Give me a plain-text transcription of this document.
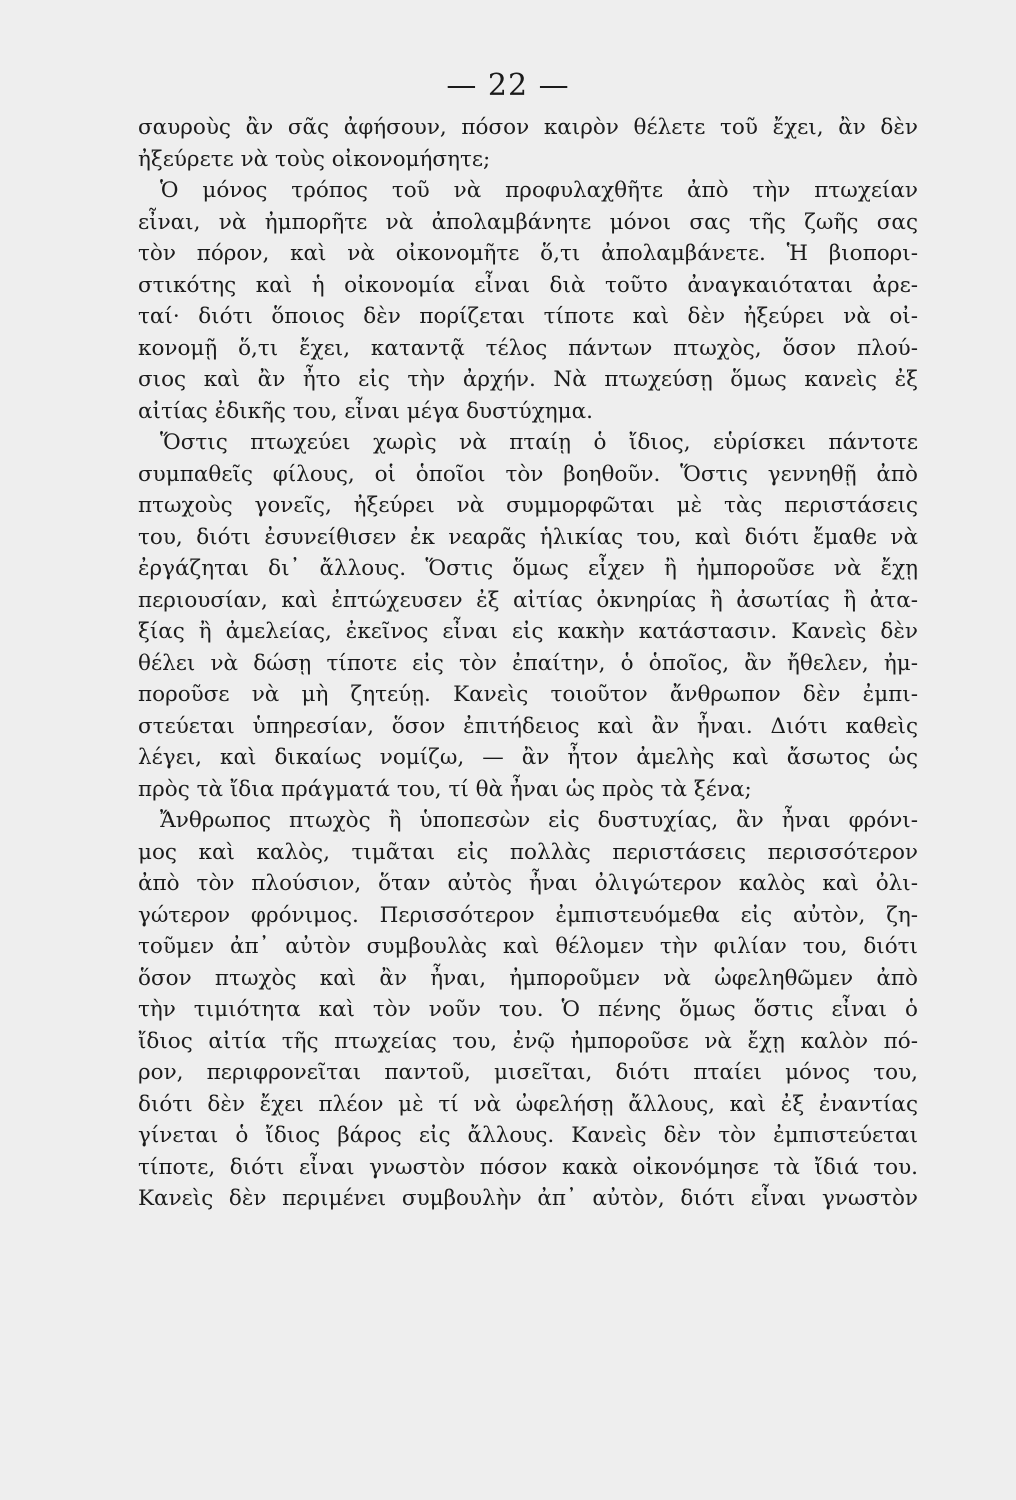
— 22 —
σαυροὺς ἂν σᾶς ἀφήσουν, πόσον καιρὸν θέλετε τοῦ ἔχει, ἂν δὲν
ἠξεύρετε νὰ τοὺς οἰκονομήσητε;
Ὁ μόνος τρόπος τοῦ νὰ προφυλαχθῆτε ἀπὸ τὴν πτωχείαν
εἶναι, νὰ ἠμπορῆτε νὰ ἀπολαμβάνητε μόνοι σας τῆς ζωῆς σας
τὸν πόρον, καὶ νὰ οἰκονομῆτε ὅ,τι ἀπολαμβάνετε. Ἡ βιοπορι-
στικότης καὶ ἡ οἰκονομία εἶναι διὰ τοῦτο ἀναγκαιόταται ἀρε-
ταί· διότι ὅποιος δὲν πορίζεται τίποτε καὶ δὲν ἠξεύρει νὰ οἰ-
κονομῇ ὅ,τι ἔχει, καταντᾷ τέλος πάντων πτωχὸς, ὅσον πλού-
σιος καὶ ἂν ἦτο εἰς τὴν ἀρχήν. Νὰ πτωχεύσῃ ὅμως κανεὶς ἐξ
αἰτίας ἐδικῆς του, εἶναι μέγα δυστύχημα.
Ὅστις πτωχεύει χωρὶς νὰ πταίῃ ὁ ἴδιος, εὑρίσκει πάντοτε
συμπαθεῖς φίλους, οἱ ὁποῖοι τὸν βοηθοῦν. Ὅστις γεννηθῇ ἀπὸ
πτωχοὺς γονεῖς, ἠξεύρει νὰ συμμορφῶται μὲ τὰς περιστάσεις
του, διότι ἐσυνείθισεν ἐκ νεαρᾶς ἡλικίας του, καὶ διότι ἔμαθε νὰ
ἐργάζηται δι᾽ ἄλλους. Ὅστις ὅμως εἶχεν ἢ ἠμποροῦσε νὰ ἔχῃ
περιουσίαν, καὶ ἐπτώχευσεν ἐξ αἰτίας ὀκνηρίας ἢ ἀσωτίας ἢ ἀτα-
ξίας ἢ ἀμελείας, ἐκεῖνος εἶναι εἰς κακὴν κατάστασιν. Κανεὶς δὲν
θέλει νὰ δώσῃ τίποτε εἰς τὸν ἐπαίτην, ὁ ὁποῖος, ἂν ἤθελεν, ἠμ-
ποροῦσε νὰ μὴ ζητεύῃ. Κανεὶς τοιοῦτον ἄνθρωπον δὲν ἐμπι-
στεύεται ὑπηρεσίαν, ὅσον ἐπιτήδειος καὶ ἂν ἦναι. Διότι καθεὶς
λέγει, καὶ δικαίως νομίζω, — ἂν ἦτον ἀμελὴς καὶ ἄσωτος ὡς
πρὸς τὰ ἴδια πράγματά του, τί θὰ ἦναι ὡς πρὸς τὰ ξένα;
Ἄνθρωπος πτωχὸς ἢ ὑποπεσὼν εἰς δυστυχίας, ἂν ἦναι φρόνι-
μος καὶ καλὸς, τιμᾶται εἰς πολλὰς περιστάσεις περισσότερον
ἀπὸ τὸν πλούσιον, ὅταν αὐτὸς ἦναι ὀλιγώτερον καλὸς καὶ ὀλι-
γώτερον φρόνιμος. Περισσότερον ἐμπιστευόμεθα εἰς αὐτὸν, ζη-
τοῦμεν ἀπ᾽ αὐτὸν συμβουλὰς καὶ θέλομεν τὴν φιλίαν του, διότι
ὅσον πτωχὸς καὶ ἂν ἦναι, ἠμποροῦμεν νὰ ὠφεληθῶμεν ἀπὸ
τὴν τιμιότητα καὶ τὸν νοῦν του. Ὁ πένης ὅμως ὅστις εἶναι ὁ
ἴδιος αἰτία τῆς πτωχείας του, ἐνῷ ἠμποροῦσε νὰ ἔχῃ καλὸν πό-
ρον, περιφρονεῖται παντοῦ, μισεῖται, διότι πταίει μόνος του,
διότι δὲν ἔχει πλέον μὲ τί νὰ ὠφελήσῃ ἄλλους, καὶ ἐξ ἐναντίας
γίνεται ὁ ἴδιος βάρος εἰς ἄλλους. Κανεὶς δὲν τὸν ἐμπιστεύεται
τίποτε, διότι εἶναι γνωστὸν πόσον κακὰ οἰκονόμησε τὰ ἴδιά του.
Κανεὶς δὲν περιμένει συμβουλὴν ἀπ᾽ αὐτὸν, διότι εἶναι γνωστὸν
